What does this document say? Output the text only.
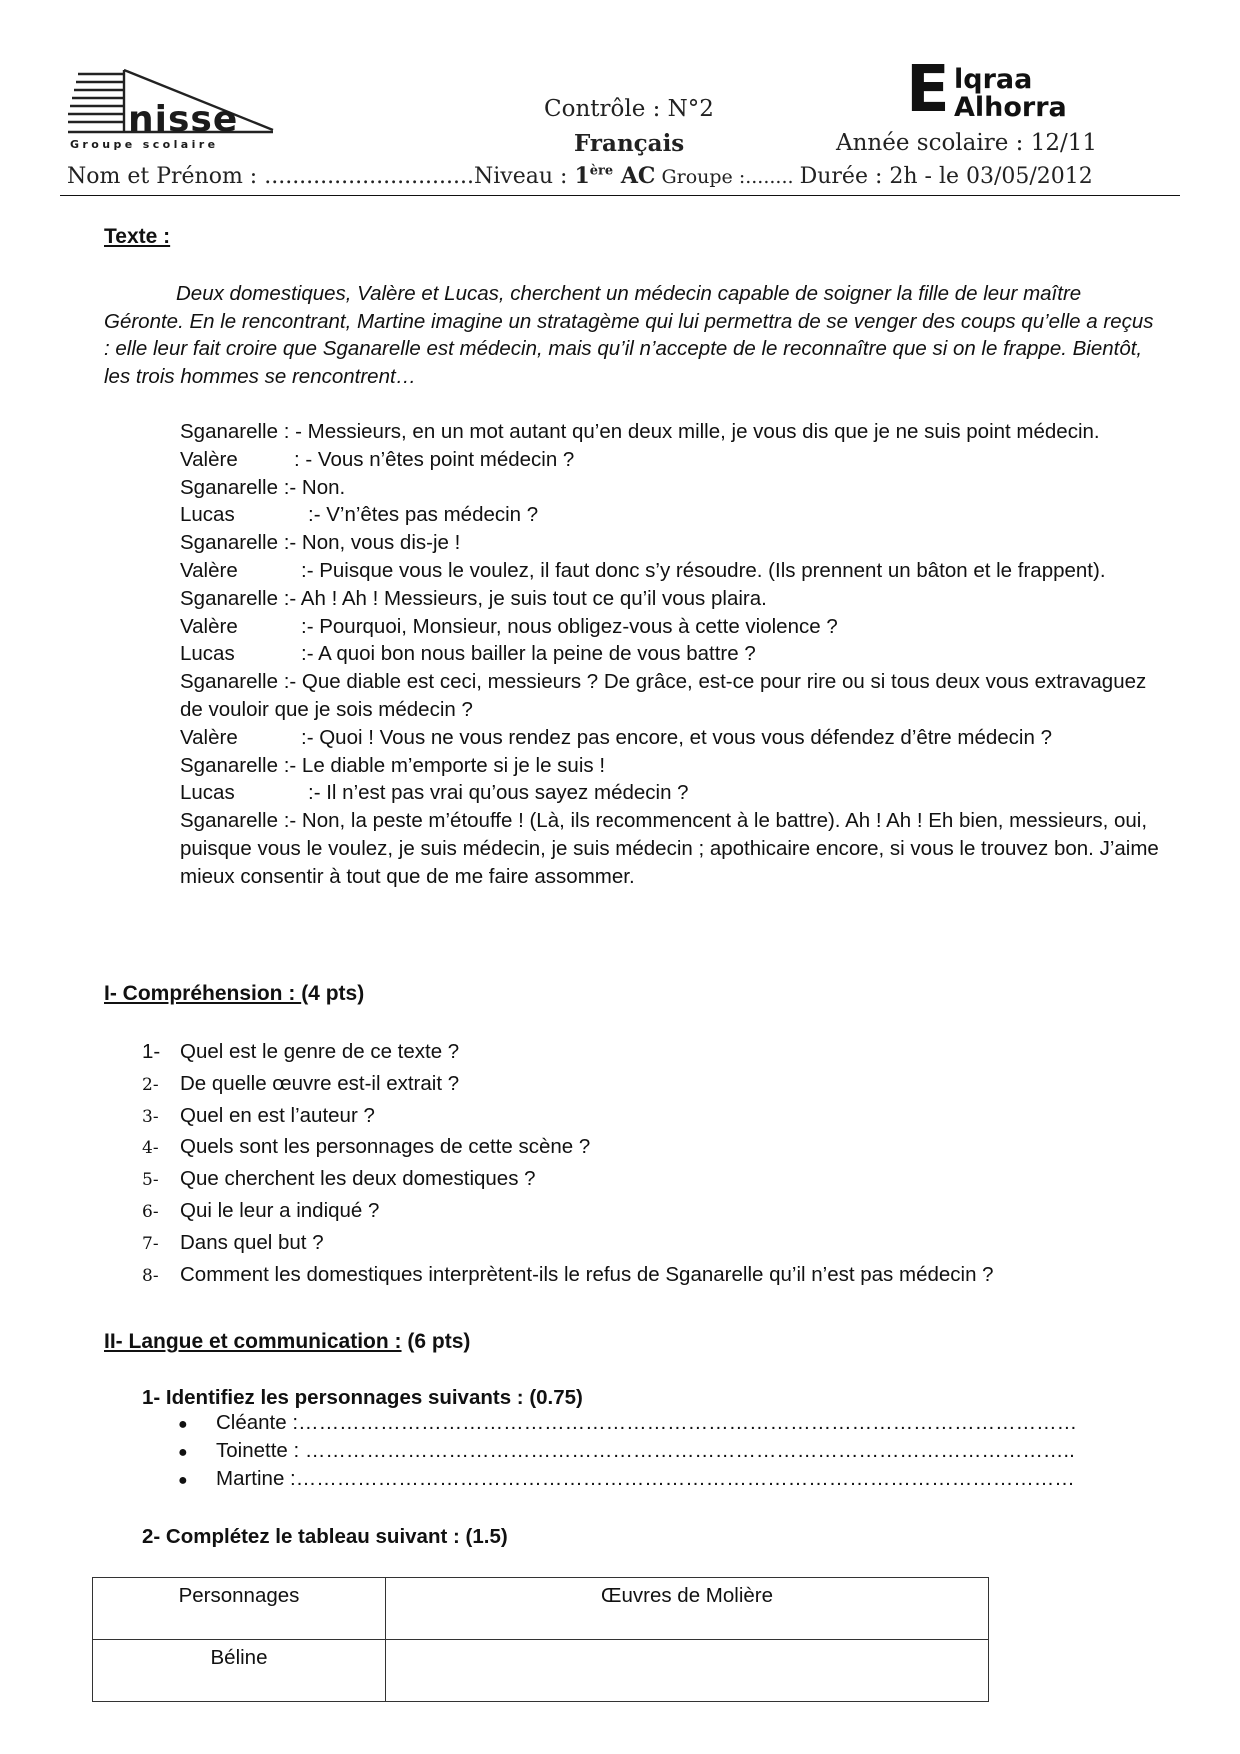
nisse
Groupe scolaire
E lqraa
Alhorra
Contrôle : N°2
Français	Année scolaire : 12/11
Nom et Prénom : ..............................Niveau : 1ère AC Groupe :........ Durée : 2h - le 03/05/2012
Texte :
Deux domestiques, Valère et Lucas, cherchent un médecin capable de soigner la fille de leur maître Géronte. En le rencontrant, Martine imagine un stratagème qui lui permettra de se venger des coups qu’elle a reçus : elle leur fait croire que Sganarelle est médecin, mais qu’il n’accepte de le reconnaître que si on le frappe. Bientôt, les trois hommes se rencontrent…
Sganarelle : - Messieurs, en un mot autant qu’en deux mille, je vous dis que je ne suis point médecin.
Valère	: - Vous n’êtes point médecin ?
Sganarelle :- Non.
Lucas	:- V’n’êtes pas médecin ?
Sganarelle :- Non, vous dis-je !
Valère	:- Puisque vous le voulez, il faut donc s’y résoudre. (Ils prennent un bâton et le frappent).
Sganarelle :- Ah ! Ah ! Messieurs, je suis tout ce qu’il vous plaira.
Valère	:- Pourquoi, Monsieur, nous obligez-vous à cette violence ?
Lucas	:- A quoi bon nous bailler la peine de vous battre ?
Sganarelle :- Que diable est ceci, messieurs ? De grâce, est-ce pour rire ou si tous deux vous extravaguez de vouloir que je sois médecin ?
Valère	:- Quoi ! Vous ne vous rendez pas encore, et vous vous défendez d’être médecin ?
Sganarelle :- Le diable m’emporte si je le suis !
Lucas	:- Il n’est pas vrai qu’ous sayez médecin ?
Sganarelle :- Non, la peste m’étouffe ! (Là, ils recommencent à le battre). Ah ! Ah ! Eh bien, messieurs, oui, puisque vous le voulez, je suis médecin, je suis médecin ; apothicaire encore, si vous le trouvez bon. J’aime mieux consentir à tout que de me faire assommer.
I- Compréhension : (4 pts)
1- Quel est le genre de ce texte ?
2- De quelle œuvre est-il extrait ?
3- Quel en est l’auteur ?
4- Quels sont les personnages de cette scène ?
5- Que cherchent les deux domestiques ?
6- Qui le leur a indiqué ?
7- Dans quel but ?
8- Comment les domestiques interprètent-ils le refus de Sganarelle qu’il n’est pas médecin ?
II- Langue et communication : (6 pts)
1- Identifiez les personnages suivants : (0.75)
● Cléante :……………………………………………………………………………………………………
● Toinette : …………………………………………………………………………………………………..
● Martine :……………………………………………………………………………………………………
2- Complétez le tableau suivant : (1.5)
Personnages	Œuvres de Molière
Béline	
